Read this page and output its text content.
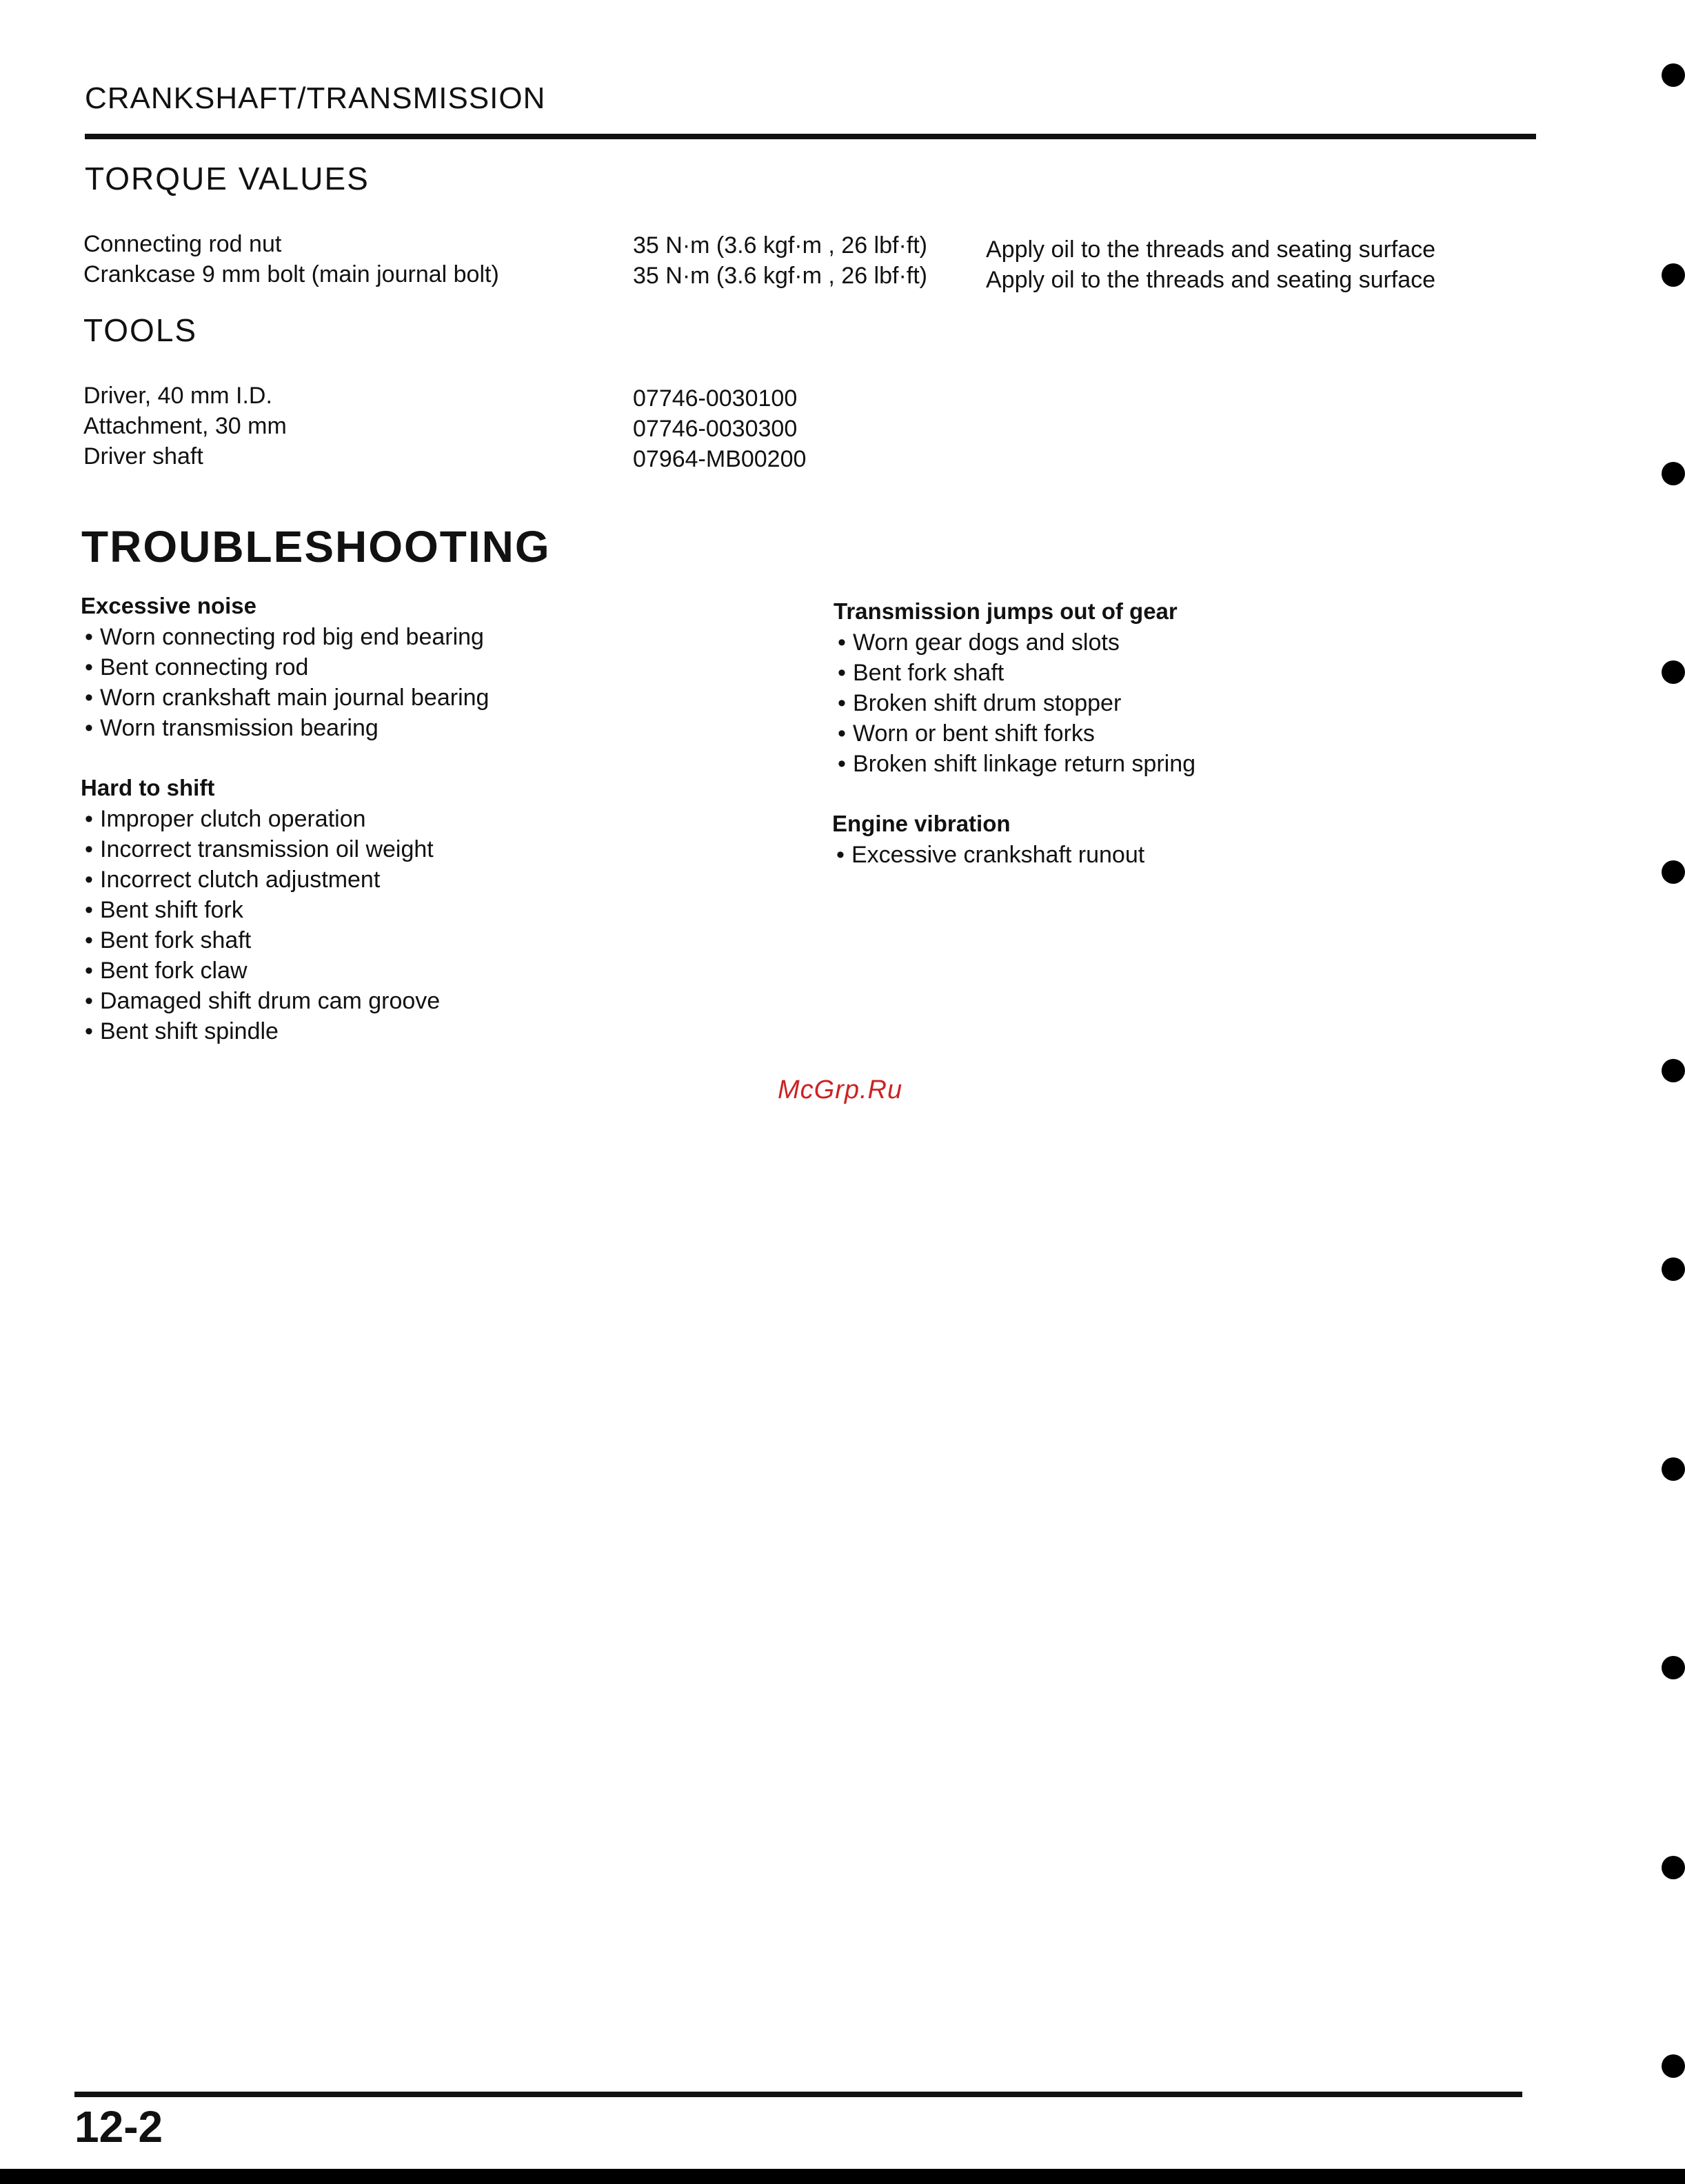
CRANKSHAFT/TRANSMISSION
TORQUE VALUES
Connecting rod nut	35 N·m (3.6 kgf·m , 26 lbf·ft)	Apply oil to the threads and seating surface
Crankcase 9 mm bolt (main journal bolt)	35 N·m (3.6 kgf·m , 26 lbf·ft)	Apply oil to the threads and seating surface
TOOLS
Driver, 40 mm I.D.	07746-0030100
Attachment, 30 mm	07746-0030300
Driver shaft	07964-MB00200
TROUBLESHOOTING
Excessive noise
• Worn connecting rod big end bearing
• Bent connecting rod
• Worn crankshaft main journal bearing
• Worn transmission bearing
Hard to shift
• Improper clutch operation
• Incorrect transmission oil weight
• Incorrect clutch adjustment
• Bent shift fork
• Bent fork shaft
• Bent fork claw
• Damaged shift drum cam groove
• Bent shift spindle
Transmission jumps out of gear
• Worn gear dogs and slots
• Bent fork shaft
• Broken shift drum stopper
• Worn or bent shift forks
• Broken shift linkage return spring
Engine vibration
• Excessive crankshaft runout
McGrp.Ru
12-2
